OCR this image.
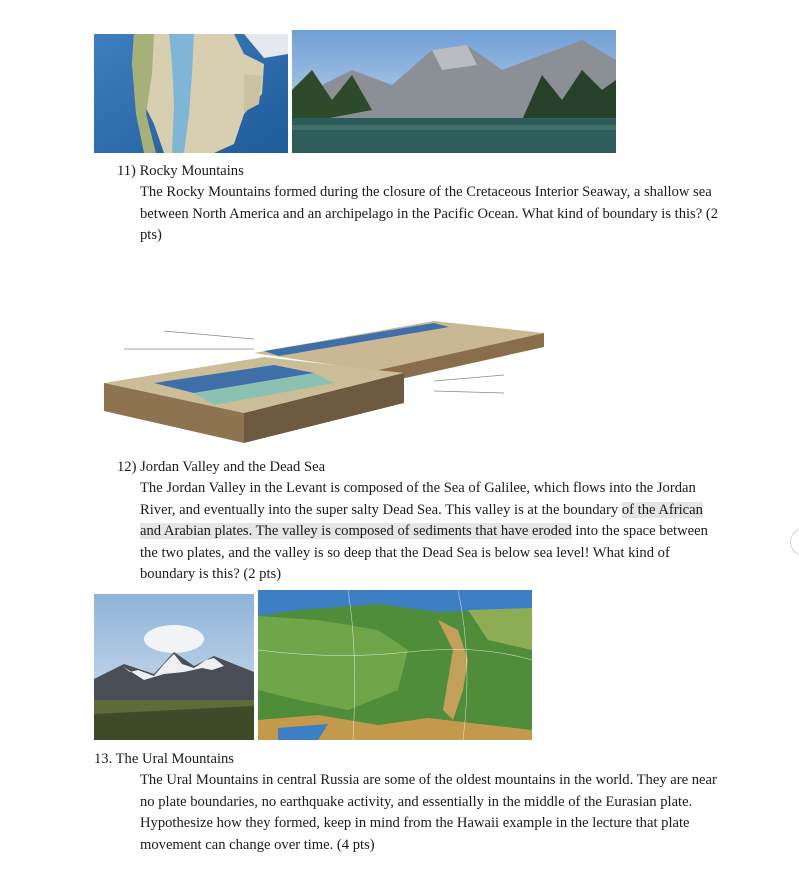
11) Rocky Mountains

The Rocky Mountains formed during the closure of the Cretaceous Interior Seaway, a shallow sea between North America and an archipelago in the Pacific Ocean. What kind of boundary is this? (2 pts)

12) Jordan Valley and the Dead Sea

The Jordan Valley in the Levant is composed of the Sea of Galilee, which flows into the Jordan River, and eventually into the super salty Dead Sea. This valley is at the boundary of the African and Arabian plates. The valley is composed of sediments that have eroded into the space between the two plates, and the valley is so deep that the Dead Sea is below sea level! What kind of boundary is this? (2 pts)

13. The Ural Mountains

The Ural Mountains in central Russia are some of the oldest mountains in the world. They are near no plate boundaries, no earthquake activity, and essentially in the middle of the Eurasian plate. Hypothesize how they formed, keep in mind from the Hawaii example in the lecture that plate movement can change over time. (4 pts)
